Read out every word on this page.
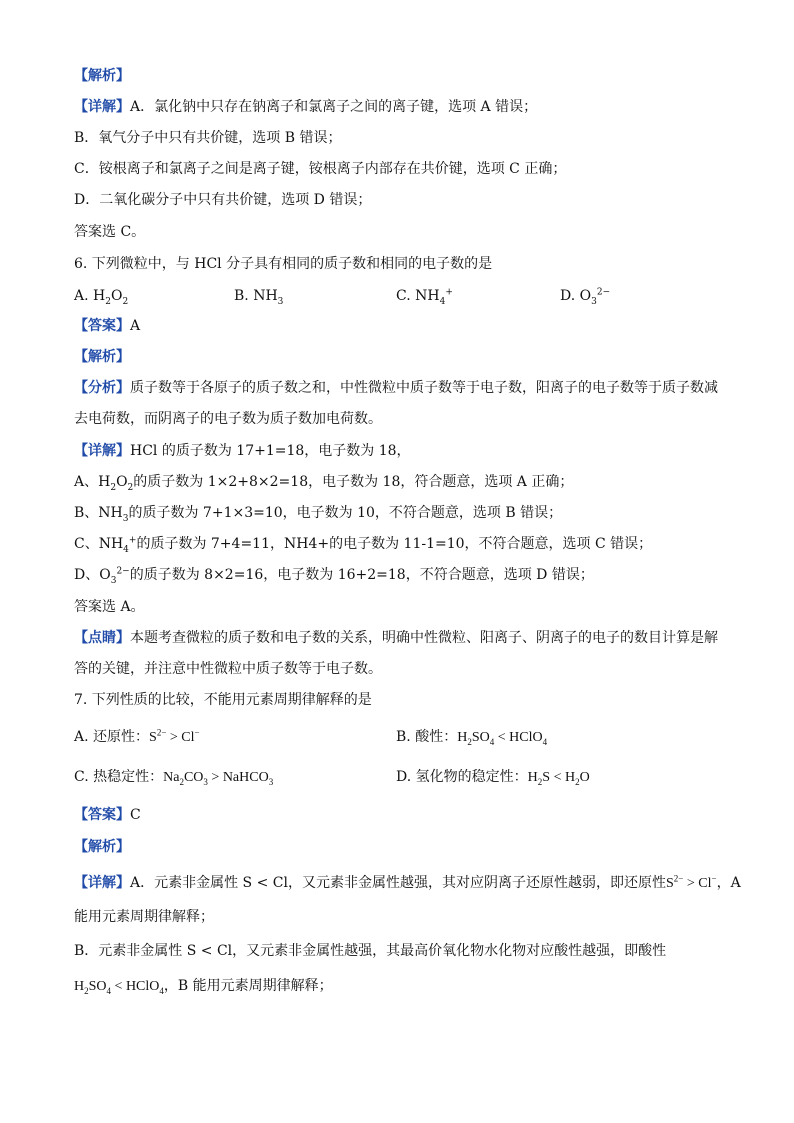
【解析】
【详解】A．氯化钠中只存在钠离子和氯离子之间的离子键，选项 A 错误；
B．氧气分子中只有共价键，选项 B 错误；
C．铵根离子和氯离子之间是离子键，铵根离子内部存在共价键，选项 C 正确；
D．二氧化碳分子中只有共价键，选项 D 错误；
答案选 C。
6. 下列微粒中，与 HCl 分子具有相同的质子数和相同的电子数的是
A. $H_2O_2$	B. $NH_3$	C. $NH_4^+$	D. $O_3^{2-}$
【答案】A
【解析】
【分析】质子数等于各原子的质子数之和，中性微粒中质子数等于电子数，阳离子的电子数等于质子数减
去电荷数，而阴离子的电子数为质子数加电荷数。
【详解】HCl 的质子数为 17+1=18，电子数为 18，
A、$H_2O_2$的质子数为 1×2+8×2=18，电子数为 18，符合题意，选项 A 正确；
B、$NH_3$的质子数为 7+1×3=10，电子数为 10，不符合题意，选项 B 错误；
C、$NH_4^+$的质子数为 7+4=11，NH4+的电子数为 11-1=10，不符合题意，选项 C 错误；
D、$O_3^{2-}$的质子数为 8×2=16，电子数为 16+2=18，不符合题意，选项 D 错误；
答案选 A。
【点睛】本题考查微粒的质子数和电子数的关系，明确中性微粒、阳离子、阴离子的电子的数目计算是解
答的关键，并注意中性微粒中质子数等于电子数。
7. 下列性质的比较，不能用元素周期律解释的是
A. 还原性：$S^{2-} > Cl^-$	B. 酸性：$H_2SO_4$ < HClO$_4$
C. 热稳定性：$Na_2CO_3$ > NaHCO$_3$	D. 氢化物的稳定性：$H_2S < H_2O$
【答案】C
【解析】
【详解】A．元素非金属性 S < Cl，又元素非金属性越强，其对应阴离子还原性越弱，即还原性$S^{2-} > Cl^-$，A
能用元素周期律解释；
B．元素非金属性 S < Cl，又元素非金属性越强，其最高价氧化物水化物对应酸性越强，即酸性
$H_2SO_4$ < HClO$_4$，B 能用元素周期律解释；
